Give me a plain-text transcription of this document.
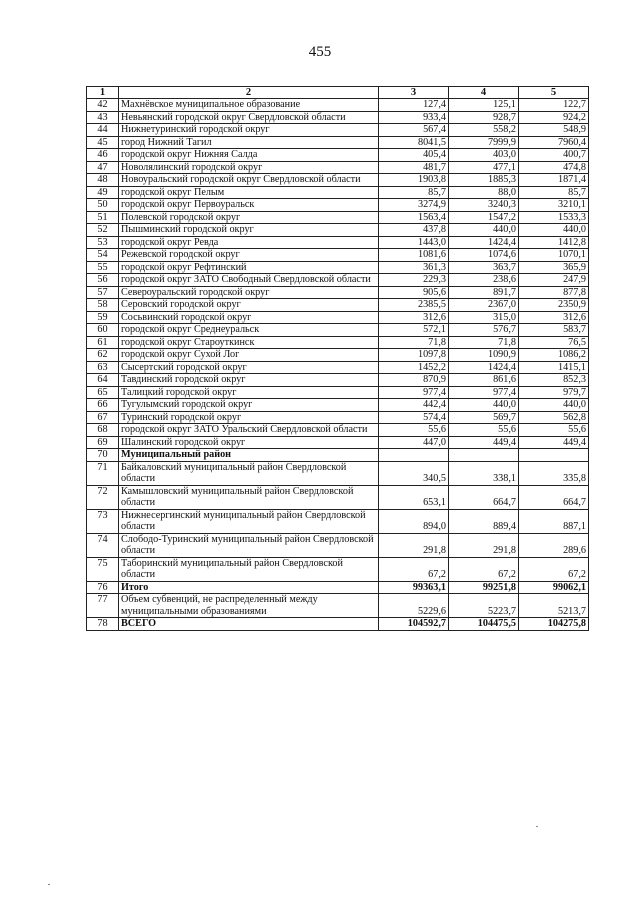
455
1	2	3	4	5
42	Махнёвское муниципальное образование	127,4	125,1	122,7
43	Невьянский городской округ Свердловской области	933,4	928,7	924,2
44	Нижнетуринский городской округ	567,4	558,2	548,9
45	город Нижний Тагил	8041,5	7999,9	7960,4
46	городской округ Нижняя Салда	405,4	403,0	400,7
47	Новолялинский городской округ	481,7	477,1	474,8
48	Новоуральский городской округ Свердловской области	1903,8	1885,3	1871,4
49	городской округ Пелым	85,7	88,0	85,7
50	городской округ Первоуральск	3274,9	3240,3	3210,1
51	Полевской городской округ	1563,4	1547,2	1533,3
52	Пышминский городской округ	437,8	440,0	440,0
53	городской округ Ревда	1443,0	1424,4	1412,8
54	Режевской городской округ	1081,6	1074,6	1070,1
55	городской округ Рефтинский	361,3	363,7	365,9
56	городской округ ЗАТО Свободный Свердловской области	229,3	238,6	247,9
57	Североуральский городской округ	905,6	891,7	877,8
58	Серовский городской округ	2385,5	2367,0	2350,9
59	Сосьвинский городской округ	312,6	315,0	312,6
60	городской округ Среднеуральск	572,1	576,7	583,7
61	городской округ Староуткинск	71,8	71,8	76,5
62	городской округ Сухой Лог	1097,8	1090,9	1086,2
63	Сысертский городской округ	1452,2	1424,4	1415,1
64	Тавдинский городской округ	870,9	861,6	852,3
65	Талицкий городской округ	977,4	977,4	979,7
66	Тугулымский городской округ	442,4	440,0	440,0
67	Туринский городской округ	574,4	569,7	562,8
68	городской округ ЗАТО Уральский Свердловской области	55,6	55,6	55,6
69	Шалинский городской округ	447,0	449,4	449,4
70	Муниципальный район			
71	Байкаловский муниципальный район Свердловской области	340,5	338,1	335,8
72	Камышловский муниципальный район Свердловской области	653,1	664,7	664,7
73	Нижнесергинский муниципальный район Свердловской области	894,0	889,4	887,1
74	Слободо-Туринский муниципальный район Свердловской области	291,8	291,8	289,6
75	Таборинский муниципальный район Свердловской области	67,2	67,2	67,2
76	Итого	99363,1	99251,8	99062,1
77	Объем субвенций, не распределенный между муниципальными образованиями	5229,6	5223,7	5213,7
78	ВСЕГО	104592,7	104475,5	104275,8
